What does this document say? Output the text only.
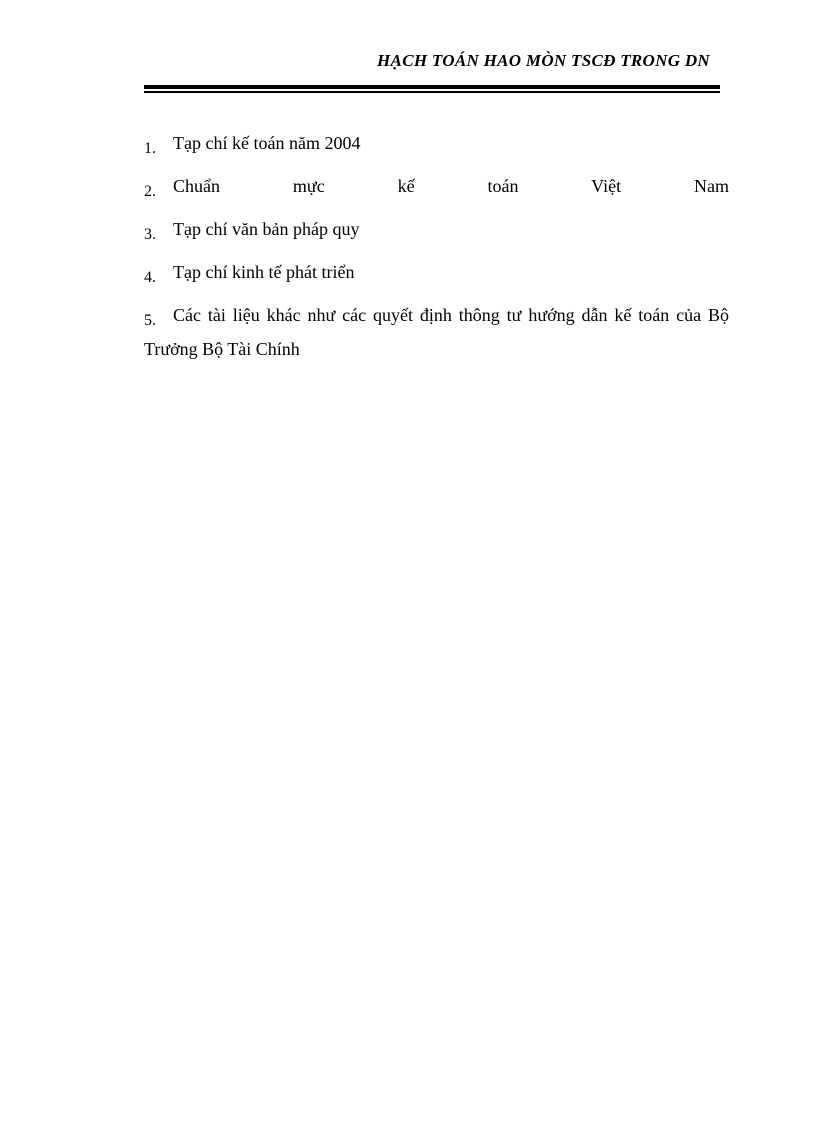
HẠCH TOÁN HAO MÒN TSCĐ TRONG DN

1. Tạp chí kế toán năm 2004

2. Chuẩn mực kế toán Việt Nam

3. Tạp chí văn bản pháp quy

4. Tạp chí kinh tế phát triển

5. Các tài liệu khác như các quyết định thông tư hướng dẫn kế toán của Bộ Trưởng Bộ Tài Chính
